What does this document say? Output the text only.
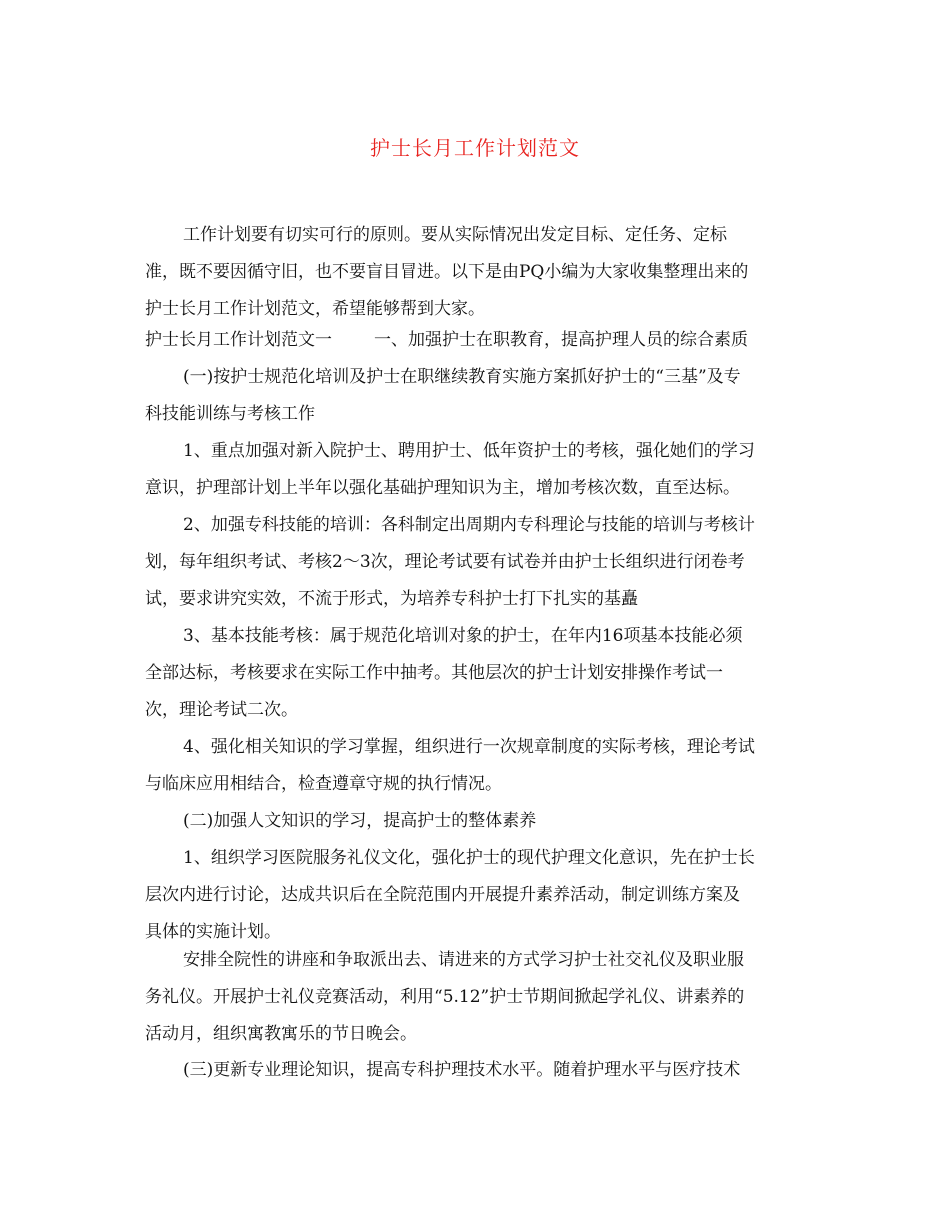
护士长月工作计划范文
工作计划要有切实可行的原则。要从实际情况出发定目标、定任务、定标
准，既不要因循守旧，也不要盲目冒进。以下是由PQ小编为大家收集整理出来的
护士长月工作计划范文，希望能够帮到大家。
护士长月工作计划范文一 一、加强护士在职教育，提高护理人员的综合素质
(一)按护士规范化培训及护士在职继续教育实施方案抓好护士的“三基”及专
科技能训练与考核工作
1、重点加强对新入院护士、聘用护士、低年资护士的考核，强化她们的学习
意识，护理部计划上半年以强化基础护理知识为主，增加考核次数，直至达标。
2、加强专科技能的培训：各科制定出周期内专科理论与技能的培训与考核计
划，每年组织考试、考核2～3次，理论考试要有试卷并由护士长组织进行闭卷考
试，要求讲究实效，不流于形式，为培养专科护士打下扎实的基矗
3、基本技能考核：属于规范化培训对象的护士，在年内16项基本技能必须
全部达标，考核要求在实际工作中抽考。其他层次的护士计划安排操作考试一
次，理论考试二次。
4、强化相关知识的学习掌握，组织进行一次规章制度的实际考核，理论考试
与临床应用相结合，检查遵章守规的执行情况。
(二)加强人文知识的学习，提高护士的整体素养
1、组织学习医院服务礼仪文化，强化护士的现代护理文化意识，先在护士长
层次内进行讨论，达成共识后在全院范围内开展提升素养活动，制定训练方案及
具体的实施计划。
安排全院性的讲座和争取派出去、请进来的方式学习护士社交礼仪及职业服
务礼仪。开展护士礼仪竞赛活动，利用“5.12”护士节期间掀起学礼仪、讲素养的
活动月，组织寓教寓乐的节日晚会。
(三)更新专业理论知识，提高专科护理技术水平。随着护理水平与医疗技术
